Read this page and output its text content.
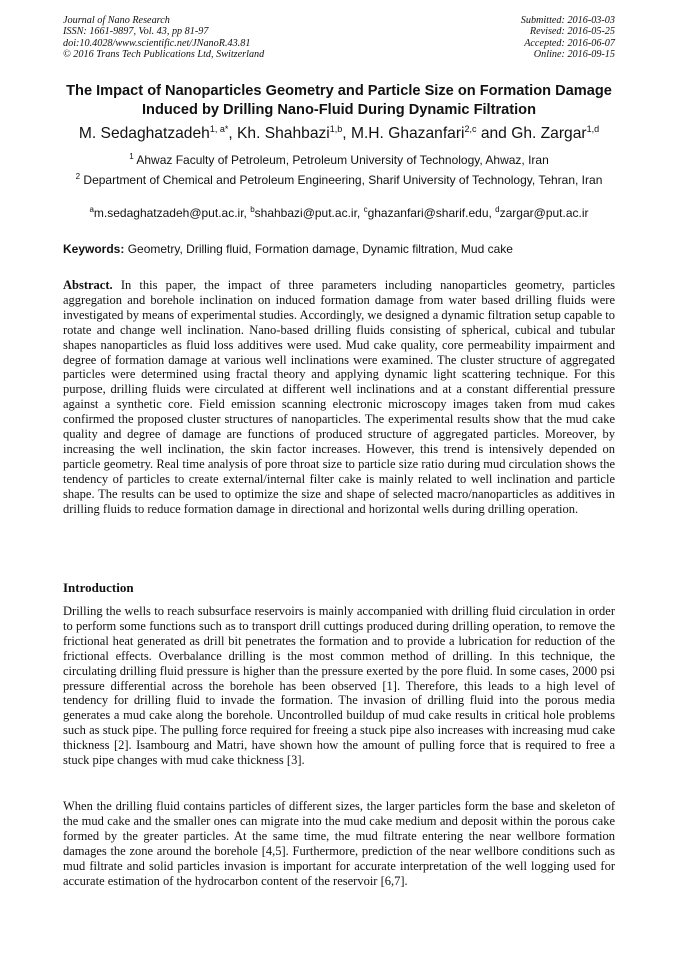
Journal of Nano Research
ISSN: 1661-9897, Vol. 43, pp 81-97
doi:10.4028/www.scientific.net/JNanoR.43.81
© 2016 Trans Tech Publications Ltd, Switzerland
Submitted: 2016-03-03
Revised: 2016-05-25
Accepted: 2016-06-07
Online: 2016-09-15
The Impact of Nanoparticles Geometry and Particle Size on Formation Damage Induced by Drilling Nano-Fluid During Dynamic Filtration
M. Sedaghatzadeh$^{1, a*}$, Kh. Shahbazi$^{1,b}$, M.H. Ghazanfari$^{2,c}$ and Gh. Zargar$^{1,d}$
$^1$ Ahwaz Faculty of Petroleum, Petroleum University of Technology, Ahwaz, Iran
$^2$ Department of Chemical and Petroleum Engineering, Sharif University of Technology, Tehran, Iran
$^a$m.sedaghatzadeh@put.ac.ir, $^b$shahbazi@put.ac.ir, $^c$ghazanfari@sharif.edu, $^d$zargar@put.ac.ir
Keywords: Geometry, Drilling fluid, Formation damage, Dynamic filtration, Mud cake
Abstract. In this paper, the impact of three parameters including nanoparticles geometry, particles aggregation and borehole inclination on induced formation damage from water based drilling fluids were investigated by means of experimental studies. Accordingly, we designed a dynamic filtration setup capable to rotate and change well inclination. Nano-based drilling fluids consisting of spherical, cubical and tubular shapes nanoparticles as fluid loss additives were used. Mud cake quality, core permeability impairment and degree of formation damage at various well inclinations were examined. The cluster structure of aggregated particles were determined using fractal theory and applying dynamic light scattering technique. For this purpose, drilling fluids were circulated at different well inclinations and at a constant differential pressure against a synthetic core. Field emission scanning electronic microscopy images taken from mud cakes confirmed the proposed cluster structures of nanoparticles. The experimental results show that the mud cake quality and degree of damage are functions of produced structure of aggregated particles. Moreover, by increasing the well inclination, the skin factor increases. However, this trend is intensively depended on particle geometry. Real time analysis of pore throat size to particle size ratio during mud circulation shows the tendency of particles to create external/internal filter cake is mainly related to well inclination and particle shape. The results can be used to optimize the size and shape of selected macro/nanoparticles as additives in drilling fluids to reduce formation damage in directional and horizontal wells during drilling operation.
Introduction

Drilling the wells to reach subsurface reservoirs is mainly accompanied with drilling fluid circulation in order to perform some functions such as to transport drill cuttings produced during drilling operation, to remove the frictional heat generated as drill bit penetrates the formation and to provide a lubrication for reduction of the frictional effects. Overbalance drilling is the most common method of drilling. In this technique, the circulating drilling fluid pressure is higher than the pressure exerted by the pore fluid. In some cases, 2000 psi pressure differential across the borehole has been observed [1]. Therefore, this leads to a high level of tendency for drilling fluid to invade the formation. The invasion of drilling fluid into the porous media generates a mud cake along the borehole. Uncontrolled buildup of mud cake results in critical hole problems such as stuck pipe. The pulling force required for freeing a stuck pipe also increases with increasing mud cake thickness [2]. Isambourg and Matri, have shown how the amount of pulling force that is required to free a stuck pipe changes with mud cake thickness [3].

When the drilling fluid contains particles of different sizes, the larger particles form the base and skeleton of the mud cake and the smaller ones can migrate into the mud cake medium and deposit within the porous cake formed by the greater particles. At the same time, the mud filtrate entering the near wellbore formation damages the zone around the borehole [4,5]. Furthermore, prediction of the near wellbore conditions such as mud filtrate and solid particles invasion is important for accurate interpretation of the well logging used for accurate estimation of the hydrocarbon content of the reservoir [6,7].
